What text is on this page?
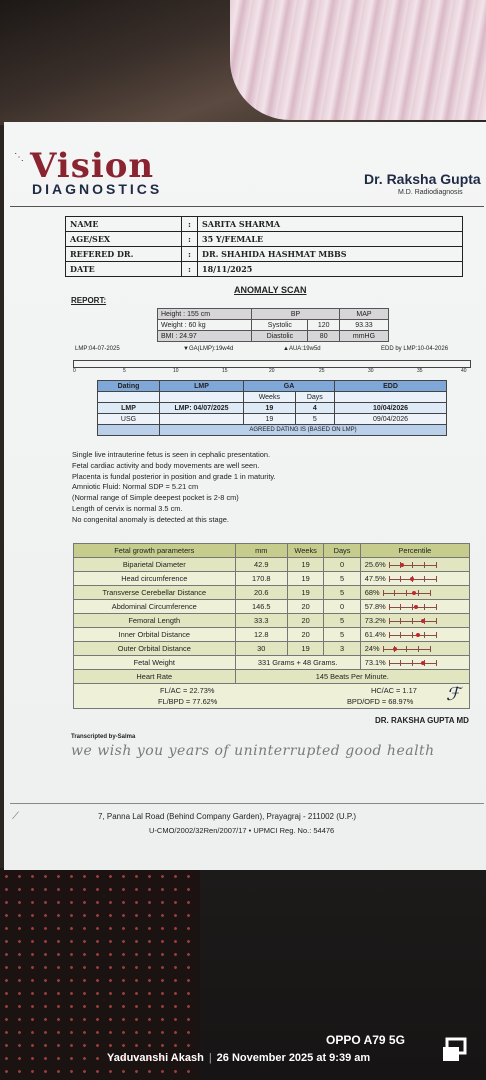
⋱ Vision
DIAGNOSTICS
Dr. Raksha Gupta
M.D. Radiodiagnosis
NAME	:	SARITA SHARMA
AGE/SEX	:	35 Y/FEMALE
REFERED DR.	:	DR. SHAHIDA HASHMAT MBBS
DATE	:	18/11/2025
ANOMALY SCAN
REPORT:
Height : 155 cm	BP		MAP
Weight : 60 kg	Systolic	120	93.33
BMI : 24.97	Diastolic	80	mmHG
LMP:04-07-2025	▼GA(LMP):19w4d	▲AUA:19w5d	EDD by LMP:10-04-2026
0	5	10	15	20	25	30	35	40
Dating	LMP	GA		EDD
		Weeks	Days	
LMP	LMP: 04/07/2025	19	4	10/04/2026
USG		19	5	09/04/2026
	AGREED DATING IS (BASED ON LMP)			
Single live intrauterine fetus is seen in cephalic presentation.
Fetal cardiac activity and body movements are well seen.
Placenta is fundal posterior in position and grade 1 in maturity.
Amniotic Fluid: Normal SDP = 5.21 cm
(Normal range of Simple deepest pocket is 2-8 cm)
Length of cervix is normal 3.5 cm.
No congenital anomaly is detected at this stage.
Fetal growth parameters	mm	Weeks	Days	Percentile
Biparietal Diameter	42.9	19	0	25.6%

Head circumference	170.8	19	5	47.5%

Transverse Cerebellar Distance	20.6	19	5	68%

Abdominal Circumference	146.5	20	0	57.8%

Femoral Length	33.3	20	5	73.2%

Inner Orbital Distance	12.8	20	5	61.4%

Outer Orbital Distance	30	19	3	24%

Fetal Weight	331 Grams + 48 Grams.			73.1%

Heart Rate	145 Beats Per Minute.			
FL/AC = 22.73%
FL/BPD = 77.62%
HC/AC = 1.17
BPD/OFD = 68.97% ℱ
DR. RAKSHA GUPTA MD
Transcripted by-Salma
we wish you years of uninterrupted good health
⟋	7, Panna Lal Road (Behind Company Garden), Prayagraj - 211002 (U.P.)
U-CMO/2002/32Ren/2007/17 • UPMCI Reg. No.: 54476
OPPO A79 5G
Yaduvanshi Akash | 26 November 2025 at 9:39 am
